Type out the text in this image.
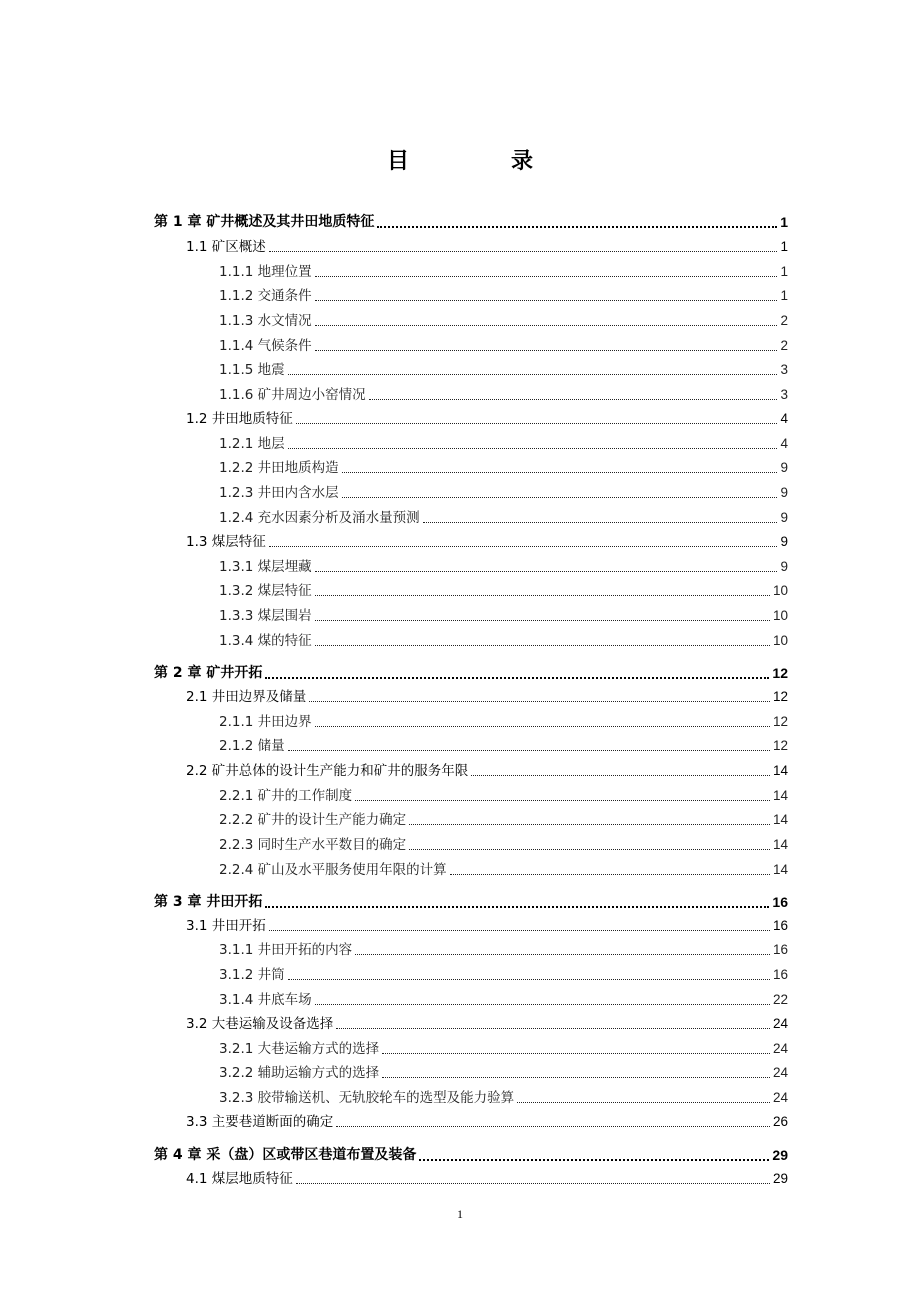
目　录
第 1 章 矿井概述及其井田地质特征	1
1.1 矿区概述	1
1.1.1 地理位置	1
1.1.2 交通条件	1
1.1.3 水文情况	2
1.1.4 气候条件	2
1.1.5 地震	3
1.1.6 矿井周边小窑情况	3
1.2 井田地质特征	4
1.2.1 地层	4
1.2.2 井田地质构造	9
1.2.3 井田内含水层	9
1.2.4 充水因素分析及涌水量预测	9
1.3 煤层特征	9
1.3.1 煤层埋藏	9
1.3.2 煤层特征	10
1.3.3 煤层围岩	10
1.3.4 煤的特征	10
第 2 章 矿井开拓	12
2.1 井田边界及储量	12
2.1.1 井田边界	12
2.1.2 储量	12
2.2 矿井总体的设计生产能力和矿井的服务年限	14
2.2.1 矿井的工作制度	14
2.2.2 矿井的设计生产能力确定	14
2.2.3 同时生产水平数目的确定	14
2.2.4 矿山及水平服务使用年限的计算	14
第 3 章 井田开拓	16
3.1 井田开拓	16
3.1.1 井田开拓的内容	16
3.1.2 井筒	16
3.1.4 井底车场	22
3.2 大巷运输及设备选择	24
3.2.1 大巷运输方式的选择	24
3.2.2 辅助运输方式的选择	24
3.2.3 胶带输送机、无轨胶轮车的选型及能力验算	24
3.3 主要巷道断面的确定	26
第 4 章 采（盘）区或带区巷道布置及装备	29
4.1 煤层地质特征	29
1
